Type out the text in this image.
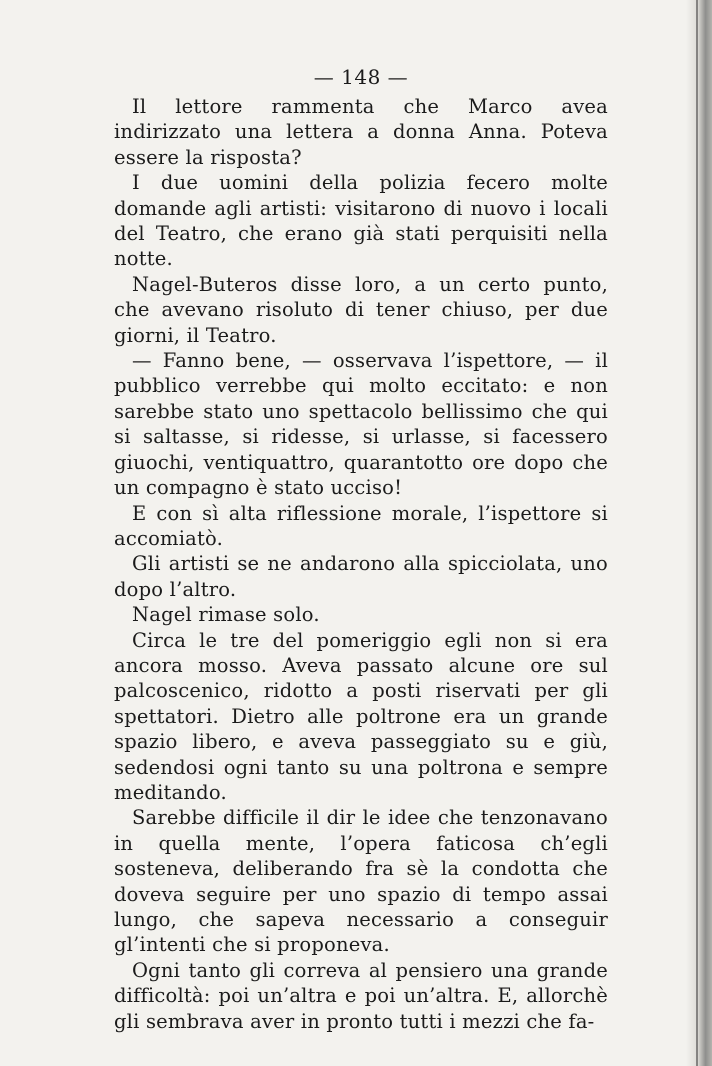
— 148 —

Il lettore rammenta che Marco avea indirizzato una lettera a donna Anna. Poteva essere la risposta?

I due uomini della polizia fecero molte domande agli artisti: visitarono di nuovo i locali del Teatro, che erano già stati perquisiti nella notte.

Nagel-Buteros disse loro, a un certo punto, che avevano risoluto di tener chiuso, per due giorni, il Teatro.

— Fanno bene, — osservava l’ispettore, — il pubblico verrebbe qui molto eccitato: e non sarebbe stato uno spettacolo bellissimo che qui si saltasse, si ridesse, si urlasse, si facessero giuochi, ventiquattro, quarantotto ore dopo che un compagno è stato ucciso!

E con sì alta riflessione morale, l’ispettore si accomiatò.

Gli artisti se ne andarono alla spicciolata, uno dopo l’altro.

Nagel rimase solo.

Circa le tre del pomeriggio egli non si era ancora mosso. Aveva passato alcune ore sul palcoscenico, ridotto a posti riservati per gli spettatori. Dietro alle poltrone era un grande spazio libero, e aveva passeggiato su e giù, sedendosi ogni tanto su una poltrona e sempre meditando.

Sarebbe difficile il dir le idee che tenzonavano in quella mente, l’opera faticosa ch’egli sosteneva, deliberando fra sè la condotta che doveva seguire per uno spazio di tempo assai lungo, che sapeva necessario a conseguir gl’intenti che si proponeva.

Ogni tanto gli correva al pensiero una grande difficoltà: poi un’altra e poi un’altra. E, allorchè gli sembrava aver in pronto tutti i mezzi che fa-
